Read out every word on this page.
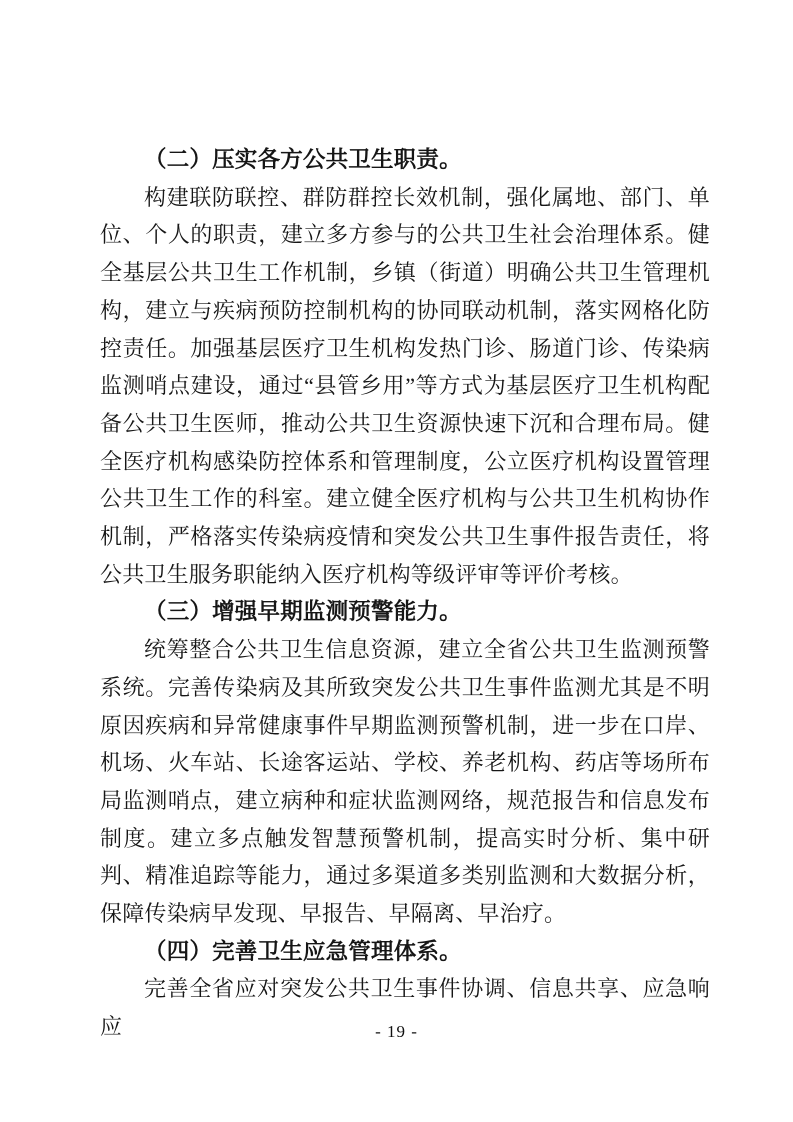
（二）压实各方公共卫生职责。

构建联防联控、群防群控长效机制，强化属地、部门、单位、个人的职责，建立多方参与的公共卫生社会治理体系。健全基层公共卫生工作机制，乡镇（街道）明确公共卫生管理机构，建立与疾病预防控制机构的协同联动机制，落实网格化防控责任。加强基层医疗卫生机构发热门诊、肠道门诊、传染病监测哨点建设，通过“县管乡用”等方式为基层医疗卫生机构配备公共卫生医师，推动公共卫生资源快速下沉和合理布局。健全医疗机构感染防控体系和管理制度，公立医疗机构设置管理公共卫生工作的科室。建立健全医疗机构与公共卫生机构协作机制，严格落实传染病疫情和突发公共卫生事件报告责任，将公共卫生服务职能纳入医疗机构等级评审等评价考核。

（三）增强早期监测预警能力。

统筹整合公共卫生信息资源，建立全省公共卫生监测预警系统。完善传染病及其所致突发公共卫生事件监测尤其是不明原因疾病和异常健康事件早期监测预警机制，进一步在口岸、机场、火车站、长途客运站、学校、养老机构、药店等场所布局监测哨点，建立病种和症状监测网络，规范报告和信息发布制度。建立多点触发智慧预警机制，提高实时分析、集中研判、精准追踪等能力，通过多渠道多类别监测和大数据分析，保障传染病早发现、早报告、早隔离、早治疗。

（四）完善卫生应急管理体系。

完善全省应对突发公共卫生事件协调、信息共享、应急响应	- 19 -
